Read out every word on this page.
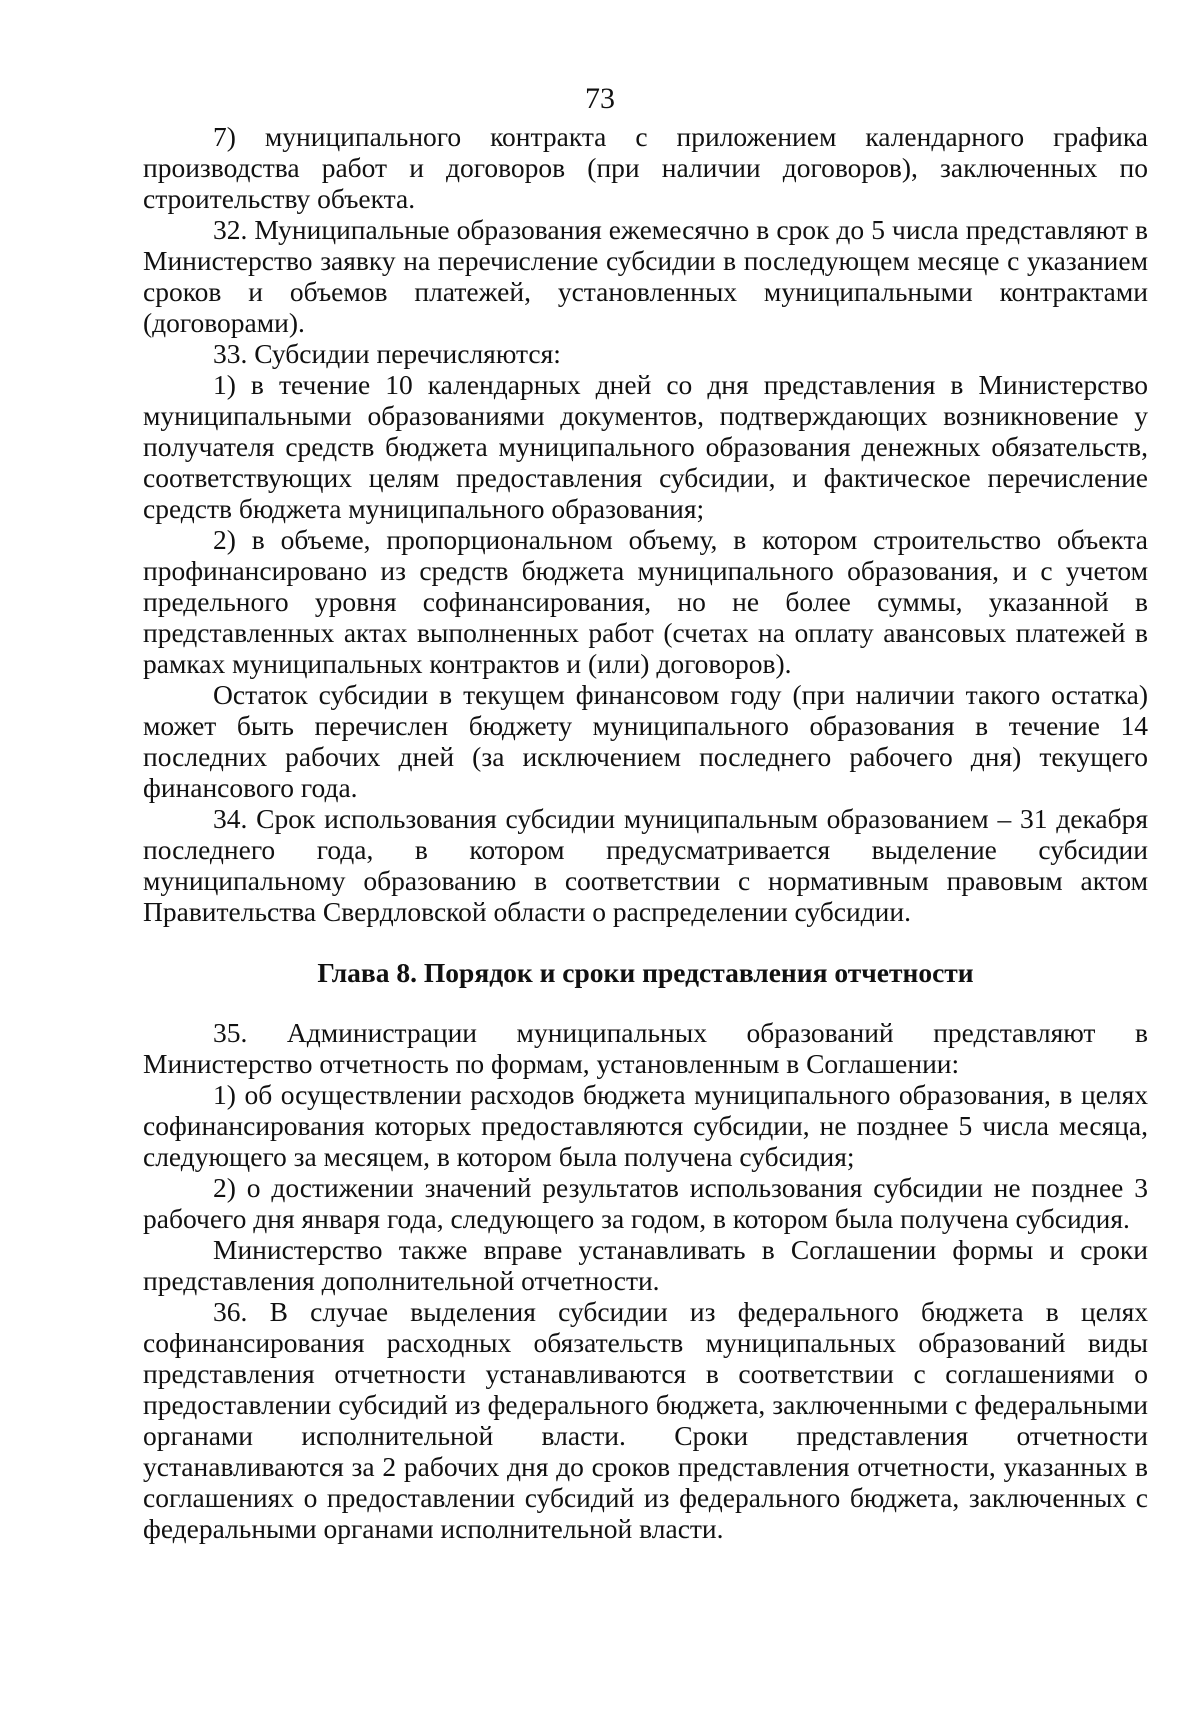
73

7) муниципального контракта с приложением календарного графика производства работ и договоров (при наличии договоров), заключенных по строительству объекта.

32. Муниципальные образования ежемесячно в срок до 5 числа представляют в Министерство заявку на перечисление субсидии в последующем месяце с указанием сроков и объемов платежей, установленных муниципальными контрактами (договорами).

33. Субсидии перечисляются:

1) в течение 10 календарных дней со дня представления в Министерство муниципальными образованиями документов, подтверждающих возникновение у получателя средств бюджета муниципального образования денежных обязательств, соответствующих целям предоставления субсидии, и фактическое перечисление средств бюджета муниципального образования;

2) в объеме, пропорциональном объему, в котором строительство объекта профинансировано из средств бюджета муниципального образования, и с учетом предельного уровня софинансирования, но не более суммы, указанной в представленных актах выполненных работ (счетах на оплату авансовых платежей в рамках муниципальных контрактов и (или) договоров).

Остаток субсидии в текущем финансовом году (при наличии такого остатка) может быть перечислен бюджету муниципального образования в течение 14 последних рабочих дней (за исключением последнего рабочего дня) текущего финансового года.

34. Срок использования субсидии муниципальным образованием – 31 декабря последнего года, в котором предусматривается выделение субсидии муниципальному образованию в соответствии с нормативным правовым актом Правительства Свердловской области о распределении субсидии.

Глава 8. Порядок и сроки представления отчетности

35. Администрации муниципальных образований представляют в Министерство отчетность по формам, установленным в Соглашении:

1) об осуществлении расходов бюджета муниципального образования, в целях софинансирования которых предоставляются субсидии, не позднее 5 числа месяца, следующего за месяцем, в котором была получена субсидия;

2) о достижении значений результатов использования субсидии не позднее 3 рабочего дня января года, следующего за годом, в котором была получена субсидия.

Министерство также вправе устанавливать в Соглашении формы и сроки представления дополнительной отчетности.

36. В случае выделения субсидии из федерального бюджета в целях софинансирования расходных обязательств муниципальных образований виды представления отчетности устанавливаются в соответствии с соглашениями о предоставлении субсидий из федерального бюджета, заключенными с федеральными органами исполнительной власти. Сроки представления отчетности устанавливаются за 2 рабочих дня до сроков представления отчетности, указанных в соглашениях о предоставлении субсидий из федерального бюджета, заключенных с федеральными органами исполнительной власти.
